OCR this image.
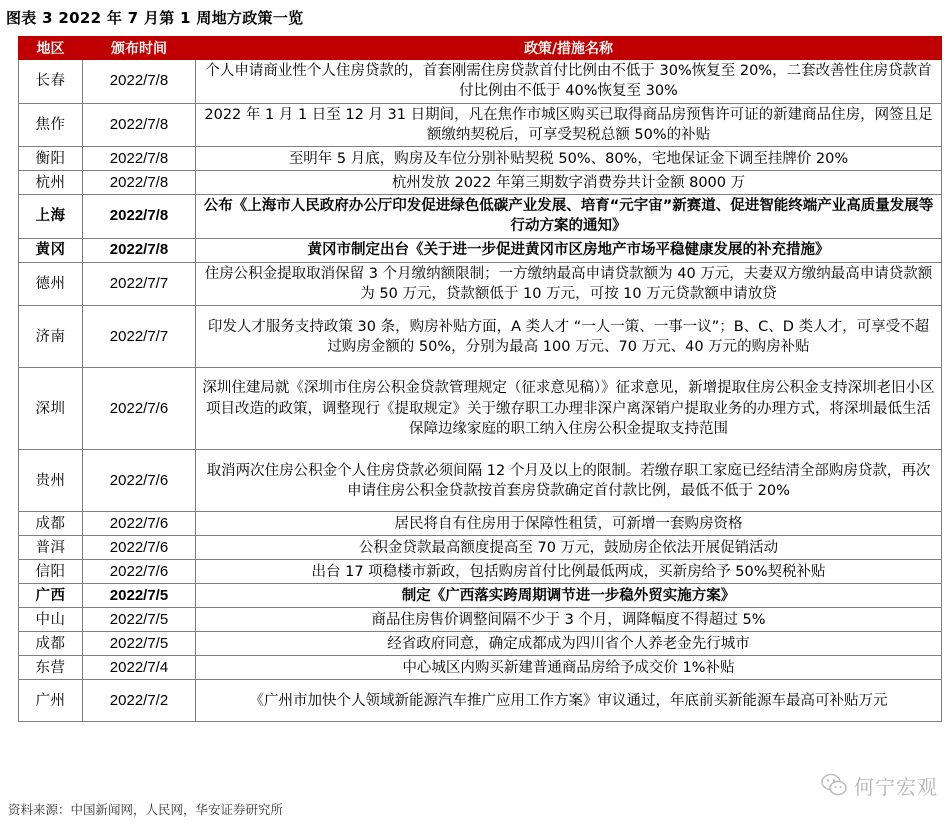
图表 3 2022 年 7 月第 1 周地方政策一览
地区	颁布时间	政策/措施名称
长春	2022/7/8	个人申请商业性个人住房贷款的，首套刚需住房贷款首付比例由不低于 30%恢复至 20%，二套改善性住房贷款首付比例由不低于 40%恢复至 30%
焦作	2022/7/8	2022 年 1 月 1 日至 12 月 31 日期间，凡在焦作市城区购买已取得商品房预售许可证的新建商品住房，网签且足额缴纳契税后，可享受契税总额 50%的补贴
衡阳	2022/7/8	至明年 5 月底，购房及车位分别补贴契税 50%、80%，宅地保证金下调至挂牌价 20%
杭州	2022/7/8	杭州发放 2022 年第三期数字消费券共计金额 8000 万
上海	2022/7/8	公布《上海市人民政府办公厅印发促进绿色低碳产业发展、培育“元宇宙”新赛道、促进智能终端产业高质量发展等行动方案的通知》
黄冈	2022/7/8	黄冈市制定出台《关于进一步促进黄冈市区房地产市场平稳健康发展的补充措施》
德州	2022/7/7	住房公积金提取取消保留 3 个月缴纳额限制；一方缴纳最高申请贷款额为 40 万元，夫妻双方缴纳最高申请贷款额为 50 万元，贷款额低于 10 万元，可按 10 万元贷款额申请放贷
济南	2022/7/7	印发人才服务支持政策 30 条，购房补贴方面，A 类人才 “一人一策、一事一议”；B、C、D 类人才，可享受不超过购房金额的 50%，分别为最高 100 万元、70 万元、40 万元的购房补贴
深圳	2022/7/6	深圳住建局就《深圳市住房公积金贷款管理规定（征求意见稿）》征求意见，新增提取住房公积金支持深圳老旧小区项目改造的政策，调整现行《提取规定》关于缴存职工办理非深户离深销户提取业务的办理方式，将深圳最低生活保障边缘家庭的职工纳入住房公积金提取支持范围
贵州	2022/7/6	取消两次住房公积金个人住房贷款必须间隔 12 个月及以上的限制。若缴存职工家庭已经结清全部购房贷款，再次申请住房公积金贷款按首套房贷款确定首付款比例，最低不低于 20%
成都	2022/7/6	居民将自有住房用于保障性租赁，可新增一套购房资格
普洱	2022/7/6	公积金贷款最高额度提高至 70 万元，鼓励房企依法开展促销活动
信阳	2022/7/6	出台 17 项稳楼市新政，包括购房首付比例最低两成，买新房给予 50%契税补贴
广西	2022/7/5	制定《广西落实跨周期调节进一步稳外贸实施方案》
中山	2022/7/5	商品住房售价调整间隔不少于 3 个月，调降幅度不得超过 5%
成都	2022/7/5	经省政府同意，确定成都成为四川省个人养老金先行城市
东营	2022/7/4	中心城区内购买新建普通商品房给予成交价 1%补贴
广州	2022/7/2	《广州市加快个人领域新能源汽车推广应用工作方案》审议通过，年底前买新能源车最高可补贴万元
资料来源：中国新闻网，人民网，华安证券研究所
何宁宏观
